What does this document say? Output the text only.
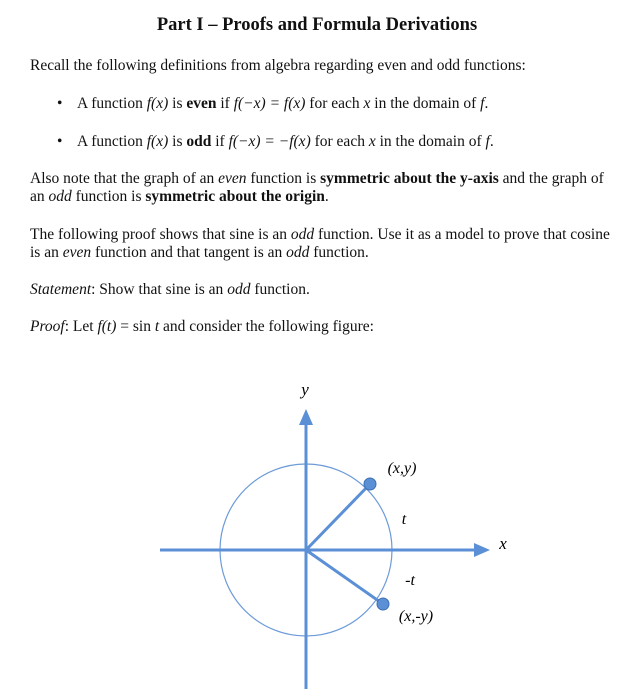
Part I – Proofs and Formula Derivations
Recall the following definitions from algebra regarding even and odd functions:
• A function f(x) is even if f(−x) = f(x) for each x in the domain of f.
• A function f(x) is odd if f(−x) = −f(x) for each x in the domain of f.
Also note that the graph of an even function is symmetric about the y-axis and the graph of an odd function is symmetric about the origin.
The following proof shows that sine is an odd function. Use it as a model to prove that cosine is an even function and that tangent is an odd function.
Statement: Show that sine is an odd function.
Proof: Let f(t) = sin t and consider the following figure:
y
x
(x,y)
(x,-y)
t
-t
